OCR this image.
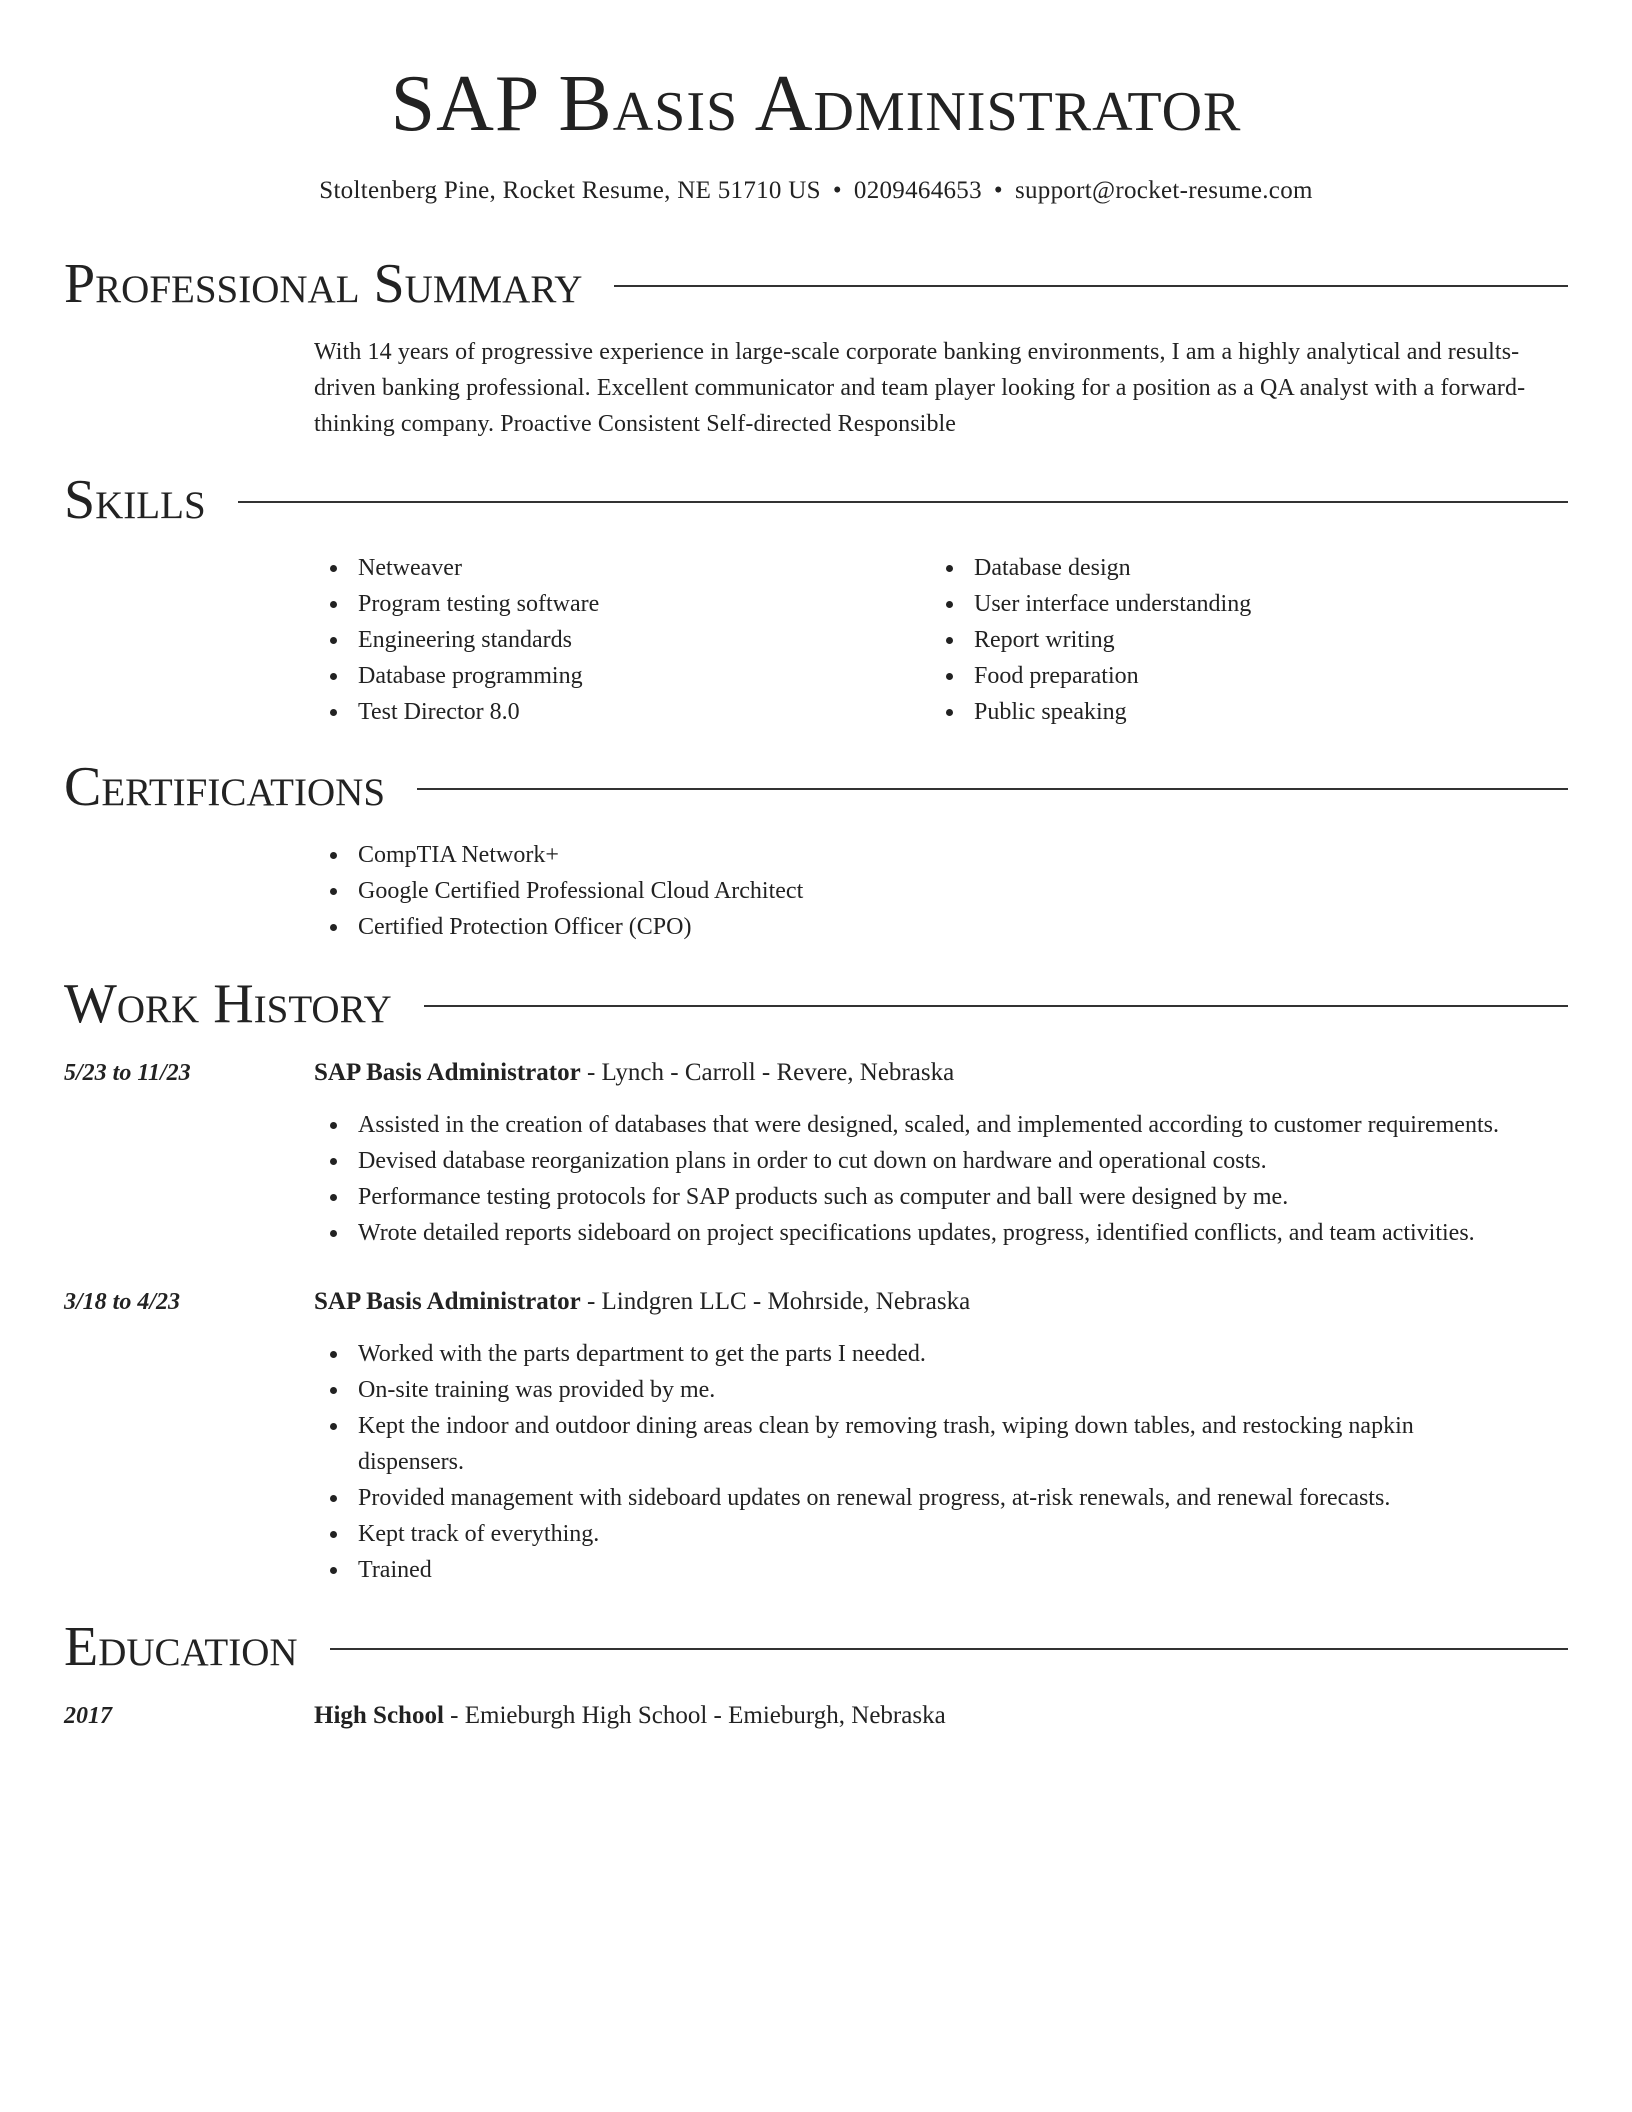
SAP Basis Administrator
Stoltenberg Pine, Rocket Resume, NE 51710 US • 0209464653 • support@rocket-resume.com
Professional Summary

With 14 years of progressive experience in large-scale corporate banking environments, I am a highly analytical and results-driven banking professional. Excellent communicator and team player looking for a position as a QA analyst with a forward-thinking company. Proactive Consistent Self-directed Responsible

Skills
Netweaver
Program testing software
Engineering standards
Database programming
Test Director 8.0
Database design
User interface understanding
Report writing
Food preparation
Public speaking
Certifications
CompTIA Network+
Google Certified Professional Cloud Architect
Certified Protection Officer (CPO)
Work History
5/23 to 11/23	SAP Basis Administrator - Lynch - Carroll - Revere, Nebraska
Assisted in the creation of databases that were designed, scaled, and implemented according to customer requirements.
Devised database reorganization plans in order to cut down on hardware and operational costs.
Performance testing protocols for SAP products such as computer and ball were designed by me.
Wrote detailed reports sideboard on project specifications updates, progress, identified conflicts, and team activities.
3/18 to 4/23	SAP Basis Administrator - Lindgren LLC - Mohrside, Nebraska
Worked with the parts department to get the parts I needed.
On-site training was provided by me.
Kept the indoor and outdoor dining areas clean by removing trash, wiping down tables, and restocking napkin dispensers.
Provided management with sideboard updates on renewal progress, at-risk renewals, and renewal forecasts.
Kept track of everything.
Trained
Education
2017	High School - Emieburgh High School - Emieburgh, Nebraska
